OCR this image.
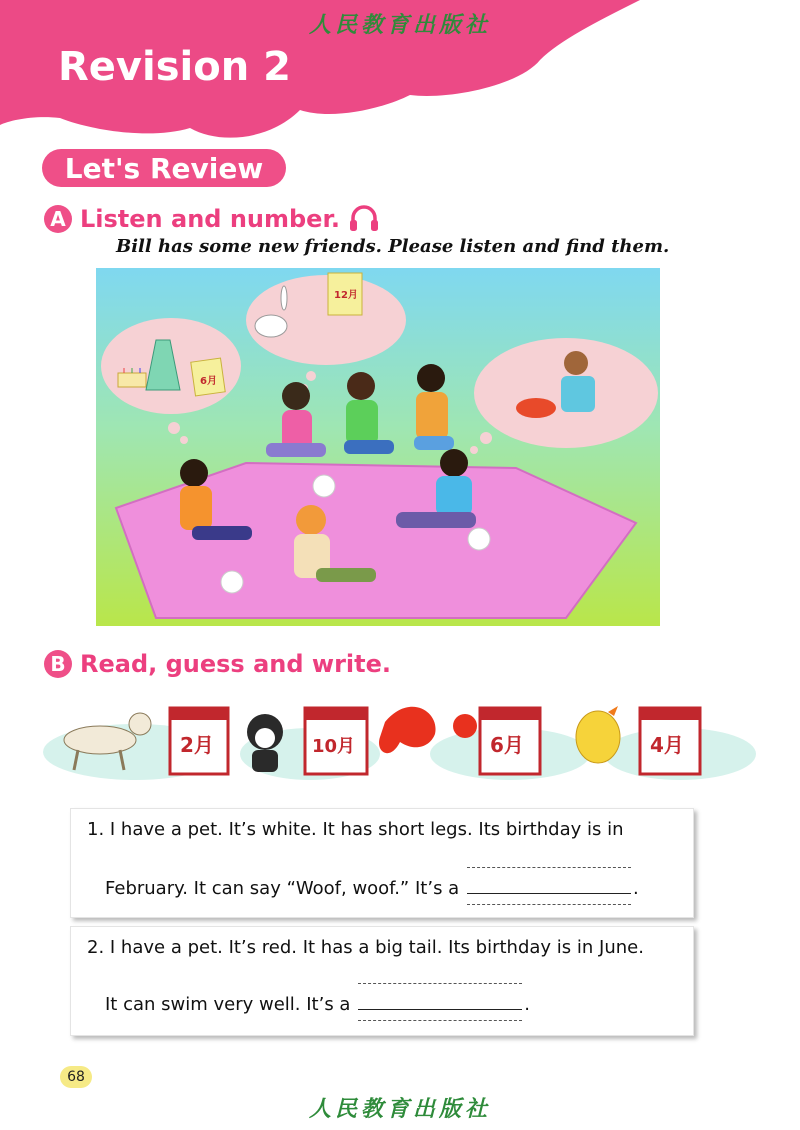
人民教育出版社
Revision 2
Let's Review
A Listen and number.
Bill has some new friends. Please listen and find them.
6月
12月
B Read, guess and write.
2月	10月	6月	4月
1. I have a pet. It’s white. It has short legs. Its birthday is in
February. It can say “Woof, woof.” It’s a	.
2. I have a pet. It’s red. It has a big tail. Its birthday is in June.
It can swim very well. It’s a	.
68
人民教育出版社
